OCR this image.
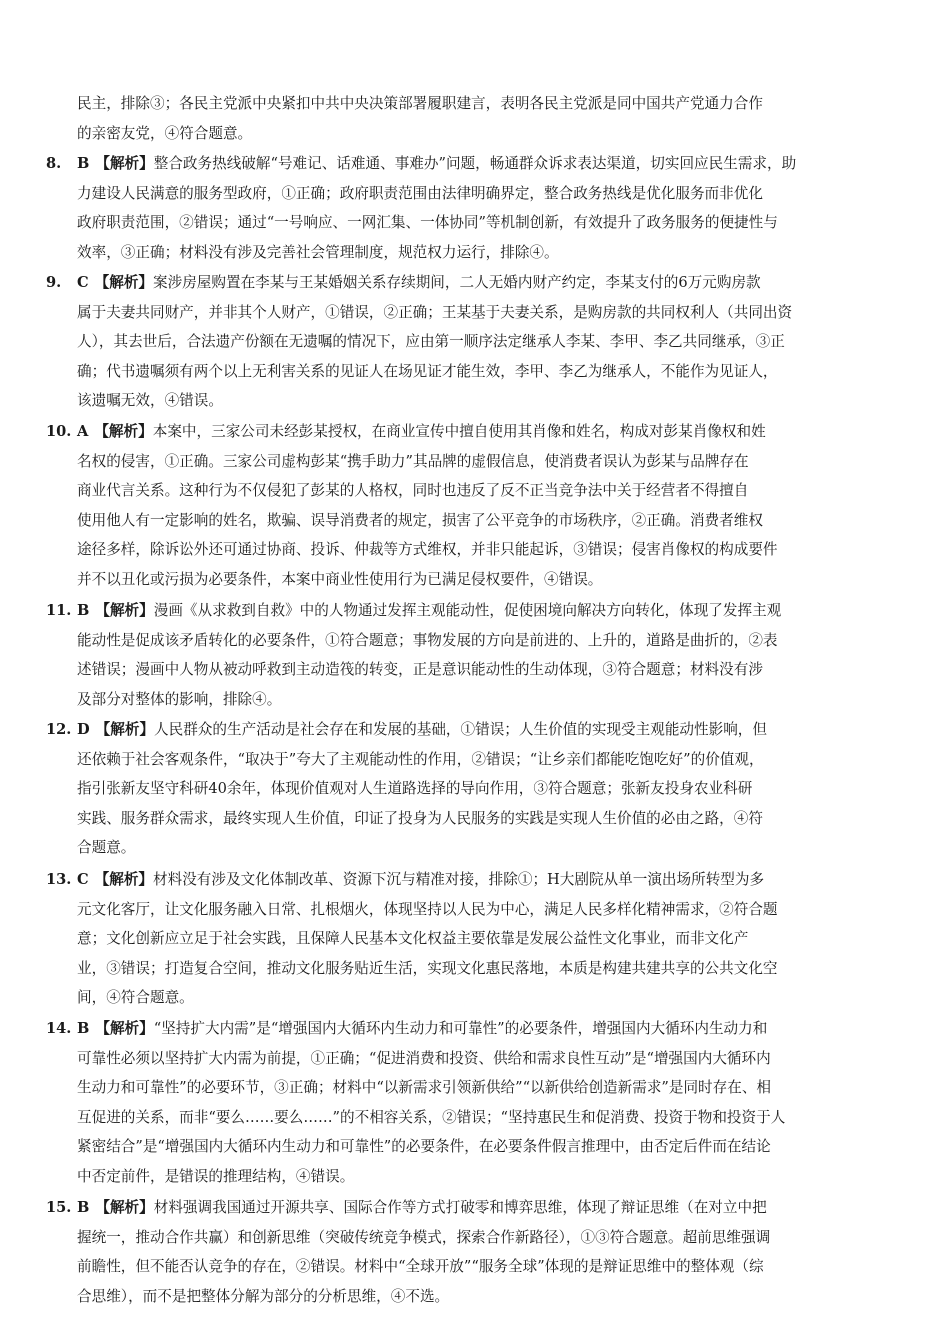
民主，排除③；各民主党派中央紧扣中共中央决策部署履职建言，表明各民主党派是同中国共产党通力合作
的亲密友党，④符合题意。
8. B 【解析】整合政务热线破解“号难记、话难通、事难办”问题，畅通群众诉求表达渠道，切实回应民生需求，助
力建设人民满意的服务型政府，①正确；政府职责范围由法律明确界定，整合政务热线是优化服务而非优化
政府职责范围，②错误；通过“一号响应、一网汇集、一体协同”等机制创新，有效提升了政务服务的便捷性与
效率，③正确；材料没有涉及完善社会管理制度，规范权力运行，排除④。
9. C 【解析】案涉房屋购置在李某与王某婚姻关系存续期间，二人无婚内财产约定，李某支付的6万元购房款
属于夫妻共同财产，并非其个人财产，①错误，②正确；王某基于夫妻关系，是购房款的共同权利人（共同出资
人），其去世后，合法遗产份额在无遗嘱的情况下，应由第一顺序法定继承人李某、李甲、李乙共同继承，③正
确；代书遗嘱须有两个以上无利害关系的见证人在场见证才能生效，李甲、李乙为继承人，不能作为见证人，
该遗嘱无效，④错误。
10. A 【解析】本案中，三家公司未经彭某授权，在商业宣传中擅自使用其肖像和姓名，构成对彭某肖像权和姓
名权的侵害，①正确。三家公司虚构彭某“携手助力”其品牌的虚假信息，使消费者误认为彭某与品牌存在
商业代言关系。这种行为不仅侵犯了彭某的人格权，同时也违反了反不正当竞争法中关于经营者不得擅自
使用他人有一定影响的姓名，欺骗、误导消费者的规定，损害了公平竞争的市场秩序，②正确。消费者维权
途径多样，除诉讼外还可通过协商、投诉、仲裁等方式维权，并非只能起诉，③错误；侵害肖像权的构成要件
并不以丑化或污损为必要条件，本案中商业性使用行为已满足侵权要件，④错误。
11. B 【解析】漫画《从求救到自救》中的人物通过发挥主观能动性，促使困境向解决方向转化，体现了发挥主观
能动性是促成该矛盾转化的必要条件，①符合题意；事物发展的方向是前进的、上升的，道路是曲折的，②表
述错误；漫画中人物从被动呼救到主动造筏的转变，正是意识能动性的生动体现，③符合题意；材料没有涉
及部分对整体的影响，排除④。
12. D 【解析】人民群众的生产活动是社会存在和发展的基础，①错误；人生价值的实现受主观能动性影响，但
还依赖于社会客观条件，“取决于”夸大了主观能动性的作用，②错误；“让乡亲们都能吃饱吃好”的价值观，
指引张新友坚守科研40余年，体现价值观对人生道路选择的导向作用，③符合题意；张新友投身农业科研
实践、服务群众需求，最终实现人生价值，印证了投身为人民服务的实践是实现人生价值的必由之路，④符
合题意。
13. C 【解析】材料没有涉及文化体制改革、资源下沉与精准对接，排除①；H大剧院从单一演出场所转型为多
元文化客厅，让文化服务融入日常、扎根烟火，体现坚持以人民为中心，满足人民多样化精神需求，②符合题
意；文化创新应立足于社会实践，且保障人民基本文化权益主要依靠是发展公益性文化事业，而非文化产
业，③错误；打造复合空间，推动文化服务贴近生活，实现文化惠民落地，本质是构建共建共享的公共文化空
间，④符合题意。
14. B 【解析】“坚持扩大内需”是“增强国内大循环内生动力和可靠性”的必要条件，增强国内大循环内生动力和
可靠性必须以坚持扩大内需为前提，①正确；“促进消费和投资、供给和需求良性互动”是“增强国内大循环内
生动力和可靠性”的必要环节，③正确；材料中“以新需求引领新供给”“以新供给创造新需求”是同时存在、相
互促进的关系，而非“要么……要么……”的不相容关系，②错误；“坚持惠民生和促消费、投资于物和投资于人
紧密结合”是“增强国内大循环内生动力和可靠性”的必要条件，在必要条件假言推理中，由否定后件而在结论
中否定前件，是错误的推理结构，④错误。
15. B 【解析】材料强调我国通过开源共享、国际合作等方式打破零和博弈思维，体现了辩证思维（在对立中把
握统一，推动合作共赢）和创新思维（突破传统竞争模式，探索合作新路径），①③符合题意。超前思维强调
前瞻性，但不能否认竞争的存在，②错误。材料中“全球开放”“服务全球”体现的是辩证思维中的整体观（综
合思维），而不是把整体分解为部分的分析思维，④不选。
